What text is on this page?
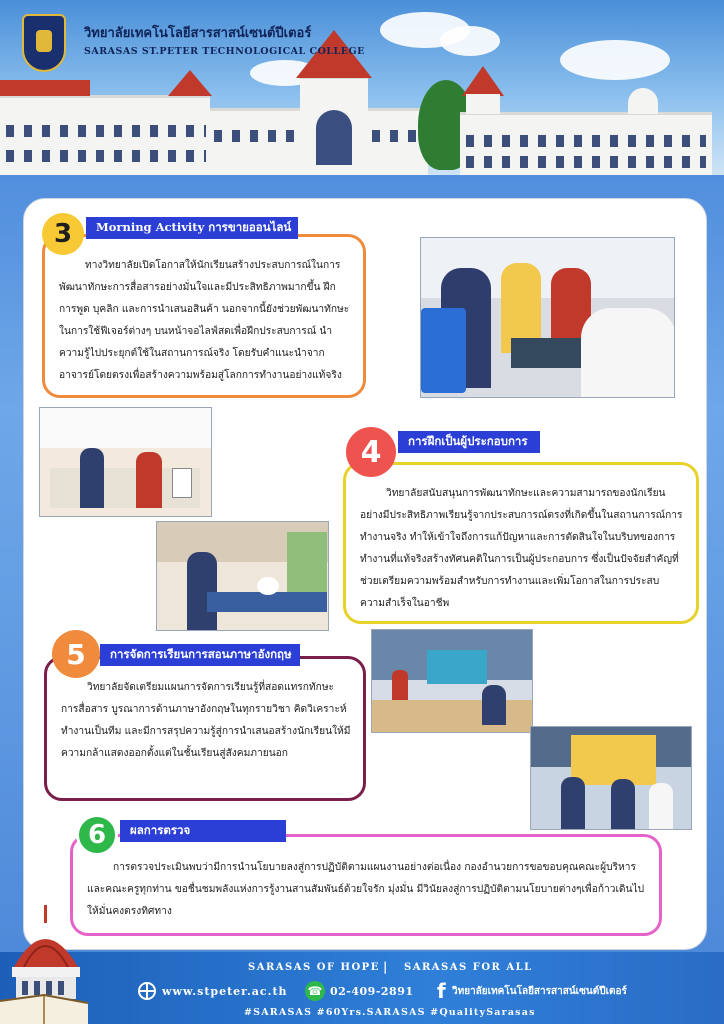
วิทยาลัยเทคโนโลยีสารสาสน์เซนต์ปีเตอร์
SARASAS ST.PETER TECHNOLOGICAL COLLEGE
ทางวิทยาลัยเปิดโอกาสให้นักเรียนสร้างประสบการณ์ในการพัฒนาทักษะการสื่อสารอย่างมั่นใจและมีประสิทธิภาพมากขึ้น ฝึกการพูด บุคลิก และการนำเสนอสินค้า นอกจากนี้ยังช่วยพัฒนาทักษะในการใช้ฟีเจอร์ต่างๆ บนหน้าจอไลฟ์สดเพื่อฝึกประสบการณ์ นำความรู้ไปประยุกต์ใช้ในสถานการณ์จริง โดยรับคำแนะนำจากอาจารย์โดยตรงเพื่อสร้างความพร้อมสู่โลกการทำงานอย่างแท้จริง
Morning Activity การขายออนไลน์
3
วิทยาลัยสนับสนุนการพัฒนาทักษะและความสามารถของนักเรียนอย่างมีประสิทธิภาพเรียนรู้จากประสบการณ์ตรงที่เกิดขึ้นในสถานการณ์การทำงานจริง ทำให้เข้าใจถึงการแก้ปัญหาและการตัดสินใจในบริบทของการทำงานที่แท้จริงสร้างทัศนคติในการเป็นผู้ประกอบการ ซึ่งเป็นปัจจัยสำคัญที่ช่วยเตรียมความพร้อมสำหรับการทำงานและเพิ่มโอกาสในการประสบความสำเร็จในอาชีพ
การฝึกเป็นผู้ประกอบการ
4
วิทยาลัยจัดเตรียมแผนการจัดการเรียนรู้ที่สอดแทรกทักษะ การสื่อสาร บูรณาการด้านภาษาอังกฤษในทุกรายวิชา คิดวิเคราะห์ ทำงานเป็นทีม และมีการสรุปความรู้สู่การนำเสนอสร้างนักเรียนให้มีความกล้าแสดงออกตั้งแต่ในชั้นเรียนสู่สังคมภายนอก
การจัดการเรียนการสอนภาษาอังกฤษ
5
การตรวจประเมินพบว่ามีการนำนโยบายลงสู่การปฏิบัติตามแผนงานอย่างต่อเนื่อง กองอำนวยการขอขอบคุณคณะผู้บริหารและคณะครูทุกท่าน ขอชื่นชมพลังแห่งการรู้งานสานสัมพันธ์ด้วยใจรัก มุ่งมั่น มีวินัยลงสู่การปฏิบัติตามนโยบายต่างๆเพื่อก้าวเดินไปให้มั่นคงตรงทิศทาง
ผลการตรวจ
6
SARASAS OF HOPE | SARASAS FOR ALL
www.stpeter.ac.th ☎ 02-409-2891 f วิทยาลัยเทคโนโลยีสารสาสน์เซนต์ปีเตอร์
#SARASAS #60Yrs.SARASAS #QualitySarasas
